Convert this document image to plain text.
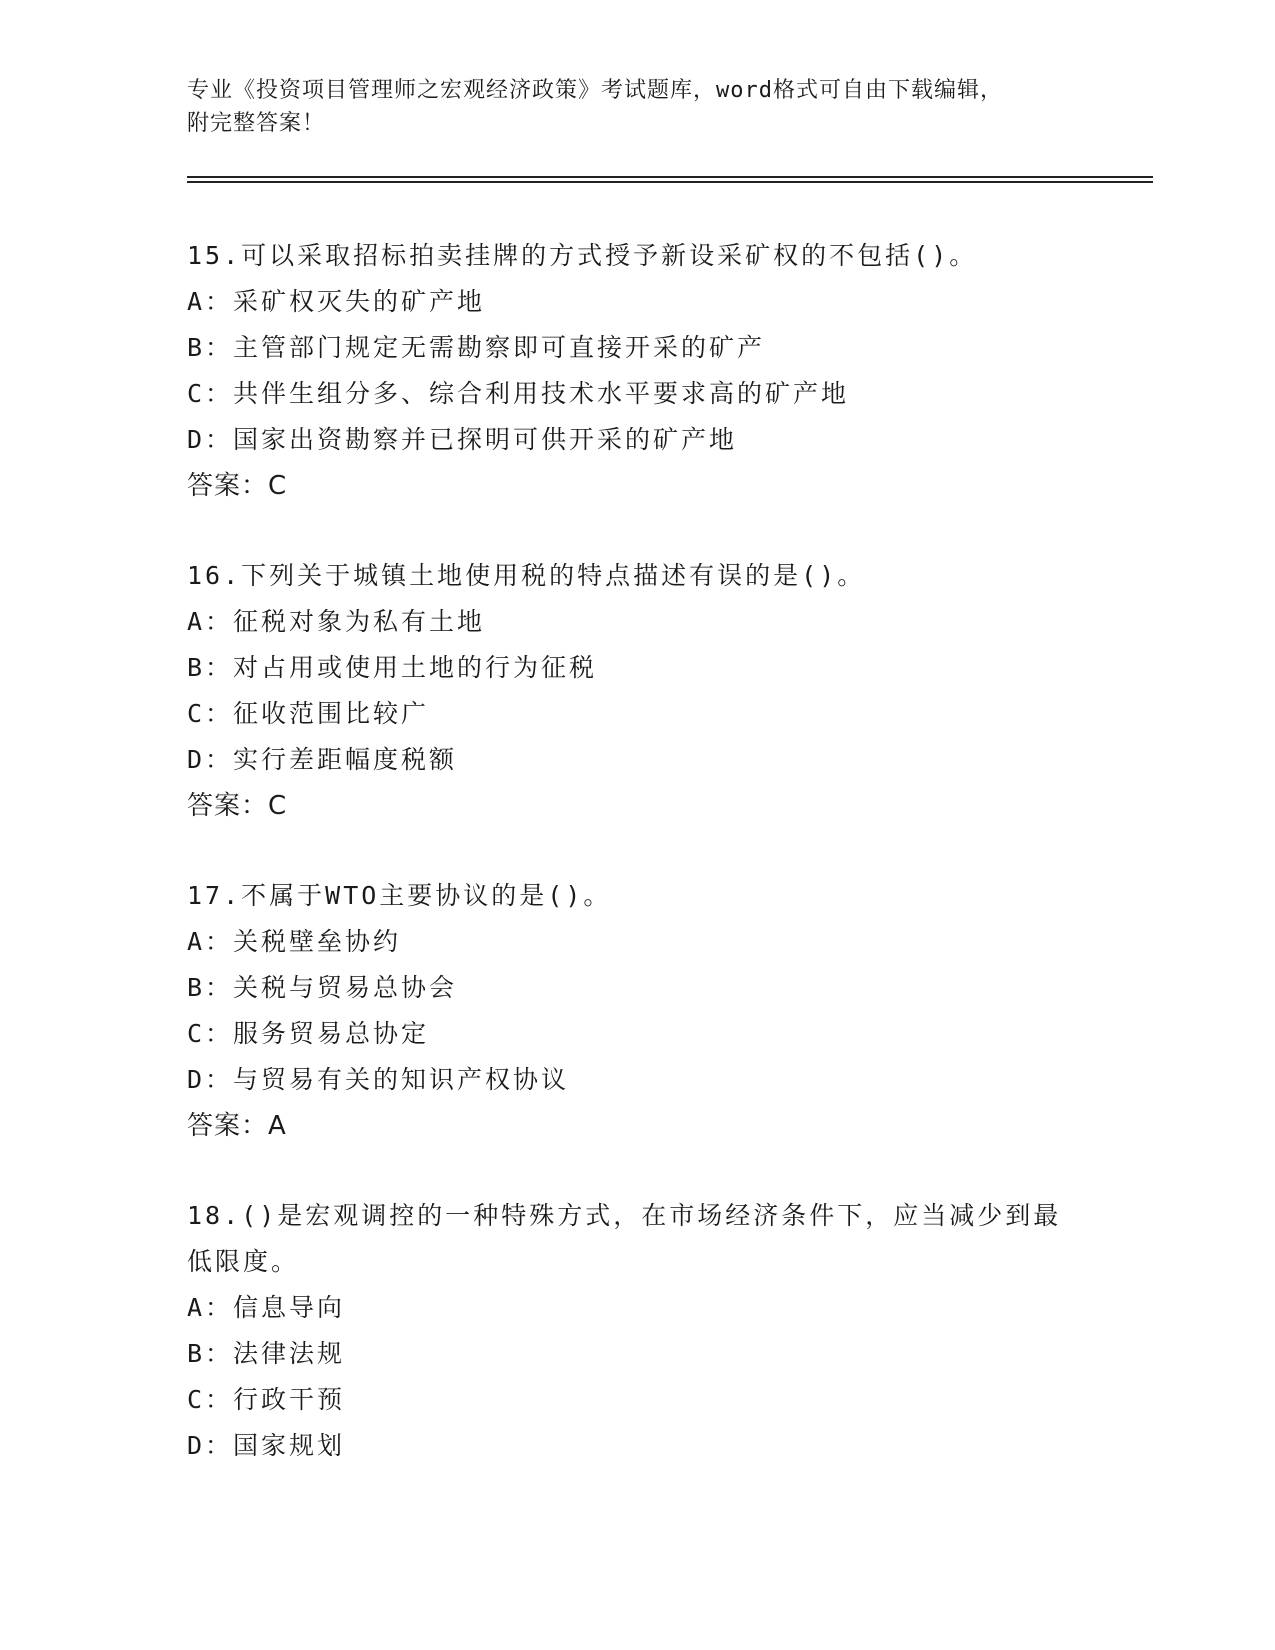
专业《投资项目管理师之宏观经济政策》考试题库，word格式可自由下载编辑，
附完整答案！

15.可以采取招标拍卖挂牌的方式授予新设采矿权的不包括()。

A：采矿权灭失的矿产地

B：主管部门规定无需勘察即可直接开采的矿产

C：共伴生组分多、综合利用技术水平要求高的矿产地

D：国家出资勘察并已探明可供开采的矿产地

答案：C

16.下列关于城镇土地使用税的特点描述有误的是()。

A：征税对象为私有土地

B：对占用或使用土地的行为征税

C：征收范围比较广

D：实行差距幅度税额

答案：C

17.不属于WTO主要协议的是()。

A：关税壁垒协约

B：关税与贸易总协会

C：服务贸易总协定

D：与贸易有关的知识产权协议

答案：A

18.()是宏观调控的一种特殊方式，在市场经济条件下，应当减少到最

低限度。

A：信息导向

B：法律法规

C：行政干预

D：国家规划
